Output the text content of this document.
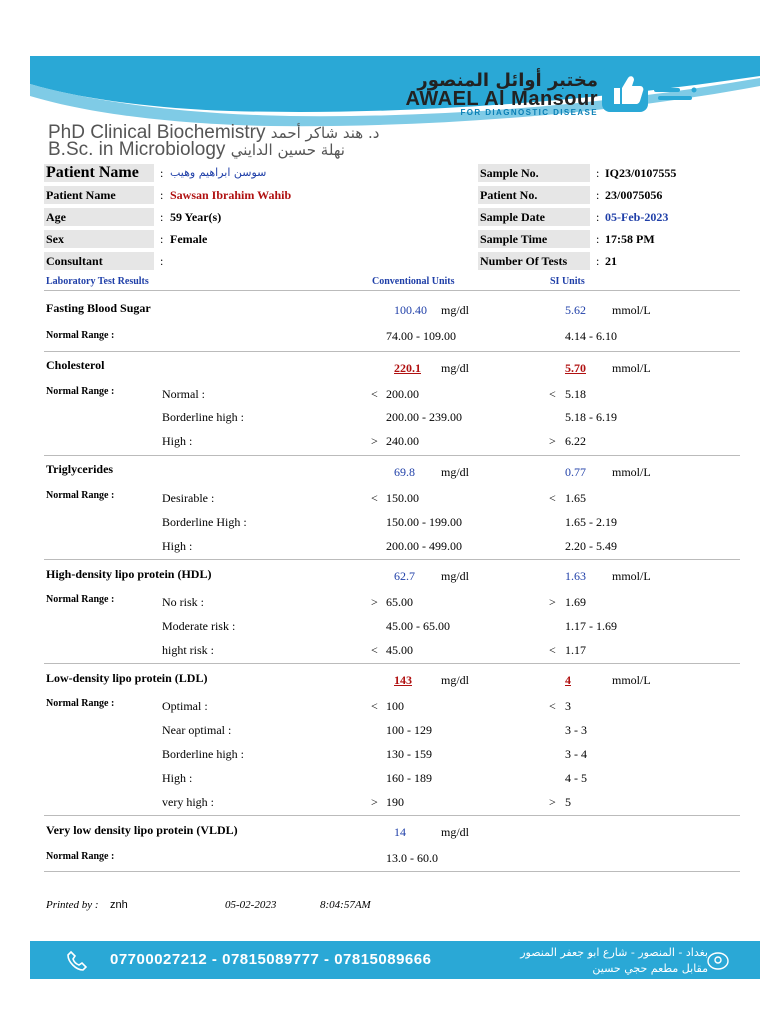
مختبر أوائل المنصور
AWAEL Al Mansour
FOR DIAGNOSTIC DISEASE
PhD Clinical Biochemistry د. هند شاكر أحمد
B.Sc. in Microbiology نهلة حسين الدايني
Patient Name	: سوسن ابراهيم وهيب
Patient Name	: Sawsan Ibrahim Wahib
Age	: 59 Year(s)
Sex	: Female
Consultant	:
Sample No.	: IQ23/0107555
Patient No.	: 23/0075056
Sample Date	: 05-Feb-2023
Sample Time	: 17:58 PM
Number Of Tests	: 21
Laboratory Test Results	Conventional Units	SI Units
Fasting Blood Sugar	100.40 mg/dl	5.62 mmol/L
Normal Range :	74.00 - 109.00	4.14 - 6.10
Cholesterol	220.1 mg/dl	5.70 mmol/L
Normal Range :	Normal :	< 200.00	< 5.18
Borderline high :	200.00 - 239.00	5.18 - 6.19
High :	> 240.00	> 6.22
Triglycerides	69.8 mg/dl	0.77 mmol/L
Normal Range :	Desirable :	< 150.00	< 1.65
Borderline High :	150.00 - 199.00	1.65 - 2.19
High :	200.00 - 499.00	2.20 - 5.49
High-density lipo protein (HDL)	62.7 mg/dl	1.63 mmol/L
Normal Range :	No risk :	> 65.00	> 1.69
Moderate risk :	45.00 - 65.00	1.17 - 1.69
hight risk :	< 45.00	< 1.17
Low-density lipo protein (LDL)	143 mg/dl	4	mmol/L
Normal Range :	Optimal :	< 100	< 3
Near optimal :	100 - 129	3 - 3
Borderline high :	130 - 159	3 - 4
High :	160 - 189	4 - 5
very high :	> 190	> 5
Very low density lipo protein (VLDL)	14	mg/dl
Normal Range :	13.0 - 60.0
Printed by : znh	05-02-2023	8:04:57AM
07700027212 - 07815089777 - 07815089666	بغداد - المنصور - شارع ابو جعفر المنصور
مقابل مطعم حجي حسين
